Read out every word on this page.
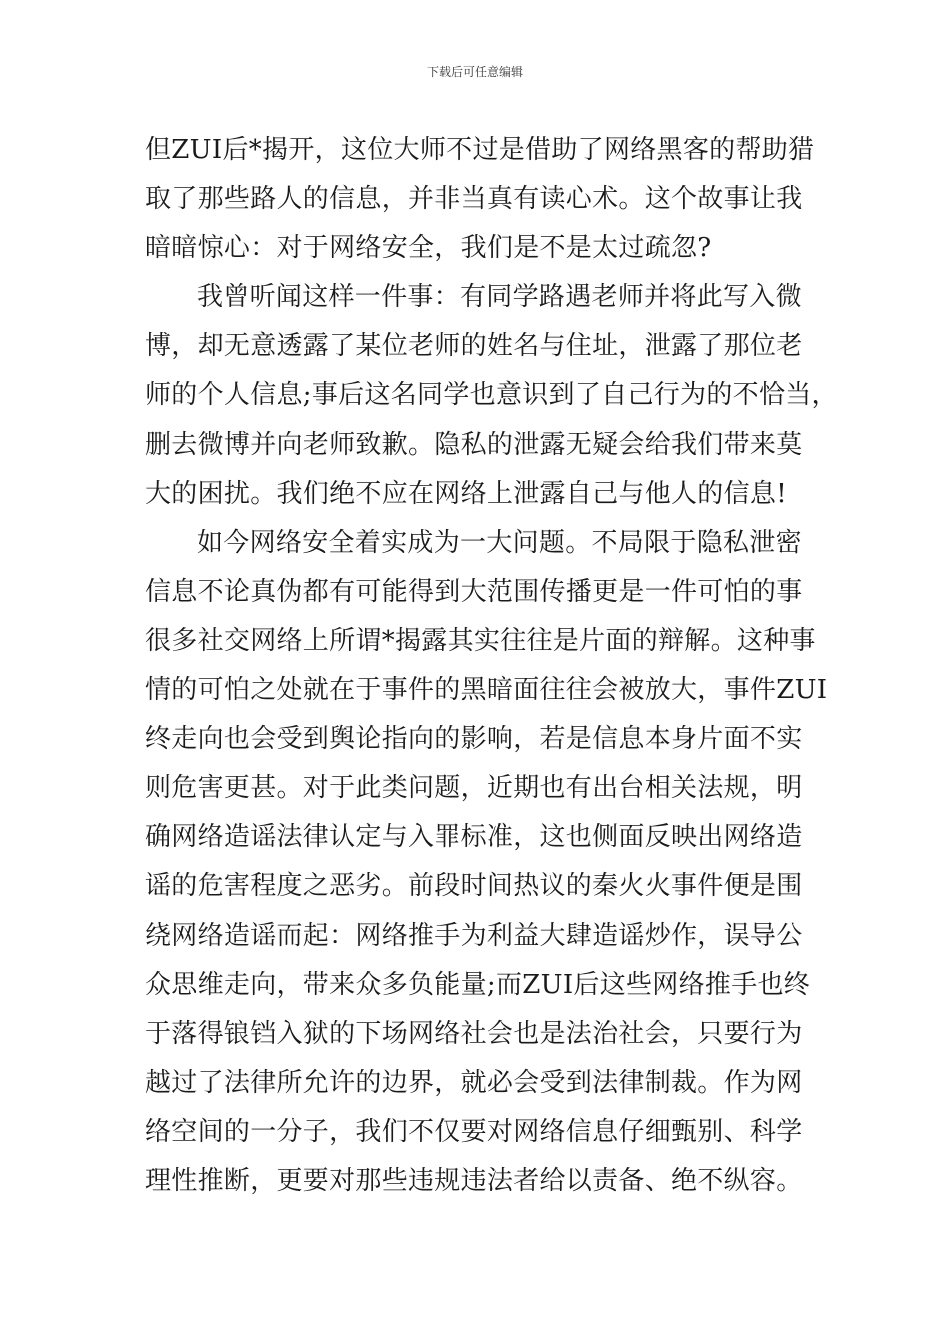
下载后可任意编辑
但ZUI后*揭开，这位大师不过是借助了网络黑客的帮助猎
取了那些路人的信息，并非当真有读心术。这个故事让我
暗暗惊心：对于网络安全，我们是不是太过疏忽?
我曾听闻这样一件事：有同学路遇老师并将此写入微
博，却无意透露了某位老师的姓名与住址，泄露了那位老
师的个人信息;事后这名同学也意识到了自己行为的不恰当，
删去微博并向老师致歉。隐私的泄露无疑会给我们带来莫
大的困扰。我们绝不应在网络上泄露自己与他人的信息!
如今网络安全着实成为一大问题。不局限于隐私泄密
信息不论真伪都有可能得到大范围传播更是一件可怕的事
很多社交网络上所谓*揭露其实往往是片面的辩解。这种事
情的可怕之处就在于事件的黑暗面往往会被放大，事件ZUI
终走向也会受到舆论指向的影响，若是信息本身片面不实
则危害更甚。对于此类问题，近期也有出台相关法规，明
确网络造谣法律认定与入罪标准，这也侧面反映出网络造
谣的危害程度之恶劣。前段时间热议的秦火火事件便是围
绕网络造谣而起：网络推手为利益大肆造谣炒作，误导公
众思维走向，带来众多负能量;而ZUI后这些网络推手也终
于落得锒铛入狱的下场网络社会也是法治社会，只要行为
越过了法律所允许的边界，就必会受到法律制裁。作为网
络空间的一分子，我们不仅要对网络信息仔细甄别、科学
理性推断，更要对那些违规违法者给以责备、绝不纵容。
